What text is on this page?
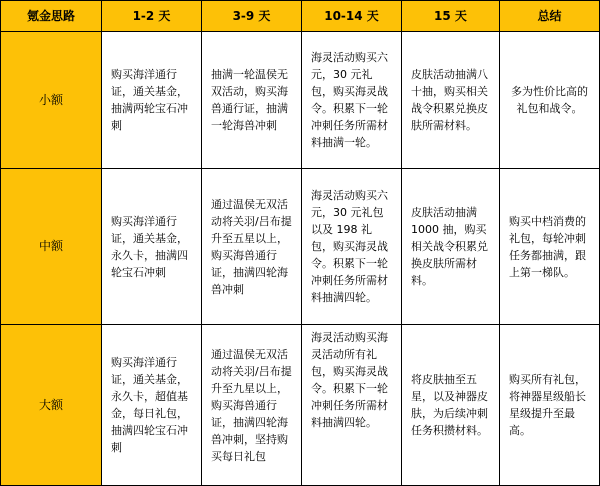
氪金思路	1-2 天	3-9 天	10-14 天	15 天	总结
小额	购买海洋通行证，通关基金，抽满两轮宝石冲刺	抽满一轮温侯无双活动，购买海兽通行证，抽满一轮海兽冲刺	海灵活动购买六元，30 元礼包，购买海灵战令。积累下一轮冲刺任务所需材料抽满一轮。	皮肤活动抽满八十抽，购买相关战令积累兑换皮肤所需材料。	多为性价比高的礼包和战令。
中额	购买海洋通行证，通关基金，永久卡，抽满四轮宝石冲刺	通过温侯无双活动将关羽/吕布提升至五星以上，购买海兽通行证，抽满四轮海兽冲刺	海灵活动购买六元，30 元礼包以及 198 礼包，购买海灵战令。积累下一轮冲刺任务所需材料抽满四轮。	皮肤活动抽满 1000 抽，购买相关战令积累兑换皮肤所需材料。	购买中档消费的礼包，每轮冲刺任务都抽满，跟上第一梯队。
大额	购买海洋通行证，通关基金，永久卡，超值基金，每日礼包，抽满四轮宝石冲刺	通过温侯无双活动将关羽/吕布提升至九星以上，购买海兽通行证，抽满四轮海兽冲刺，坚持购买每日礼包	海灵活动购买海灵活动所有礼包，购买海灵战令。积累下一轮冲刺任务所需材料抽满四轮。	将皮肤抽至五星，以及神器皮肤，为后续冲刺任务积攒材料。	购买所有礼包，将神器星级船长星级提升至最高。
